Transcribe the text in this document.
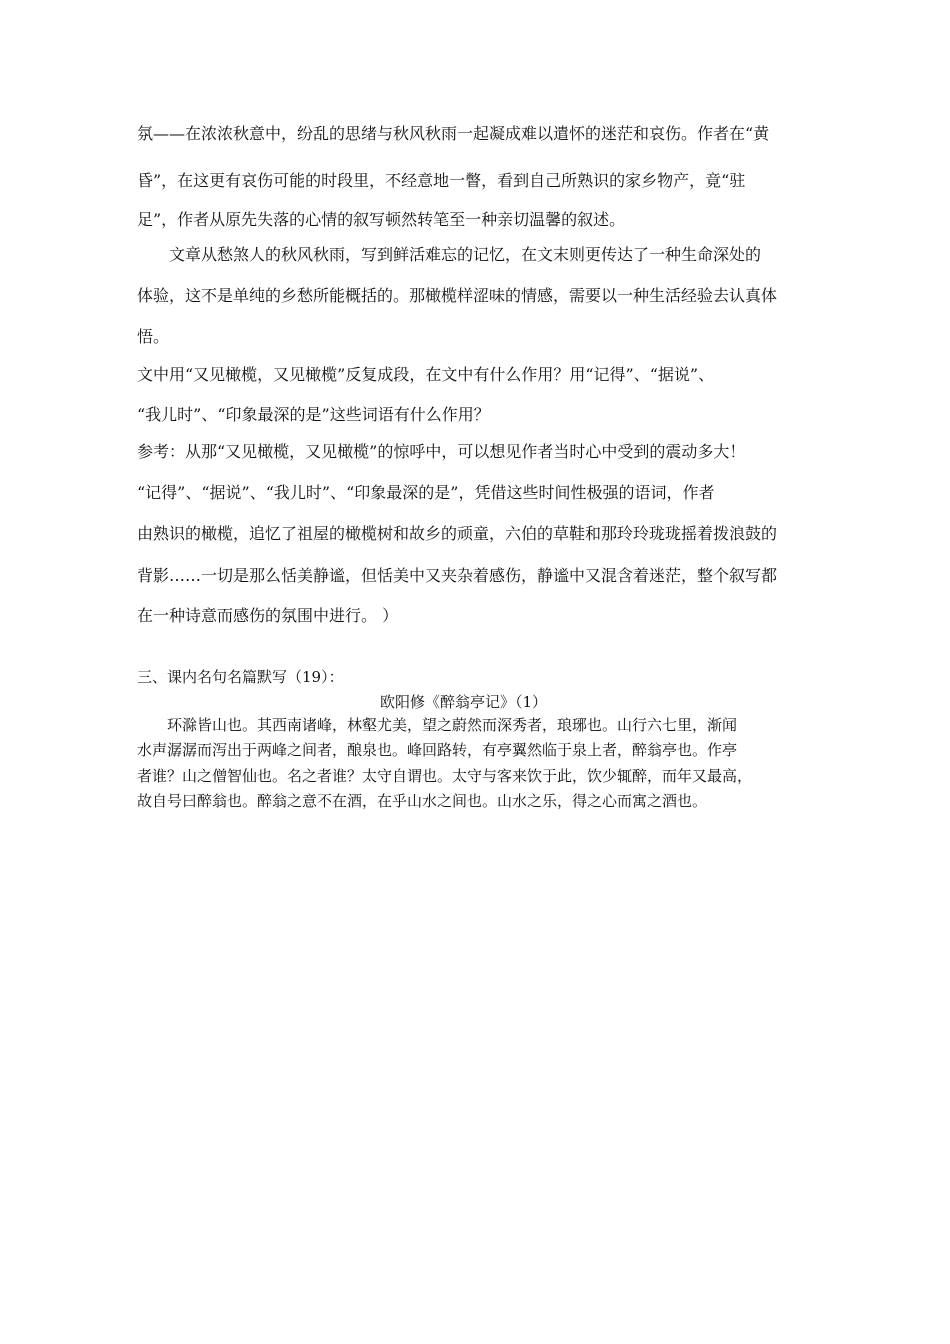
氛——在浓浓秋意中，纷乱的思绪与秋风秋雨一起凝成难以遣怀的迷茫和哀伤。作者在“黄
昏”，在这更有哀伤可能的时段里，不经意地一瞥，看到自己所熟识的家乡物产，竟“驻
足”，作者从原先失落的心情的叙写顿然转笔至一种亲切温馨的叙述。
　　文章从愁煞人的秋风秋雨，写到鲜活难忘的记忆，在文末则更传达了一种生命深处的
体验，这不是单纯的乡愁所能概括的。那橄榄样涩味的情感，需要以一种生活经验去认真体
悟。
文中用“又见橄榄，又见橄榄”反复成段，在文中有什么作用？用“记得”、“据说”、
“我儿时”、“印象最深的是”这些词语有什么作用？
参考：从那“又见橄榄，又见橄榄”的惊呼中，可以想见作者当时心中受到的震动多大！
“记得”、“据说”、“我儿时”、“印象最深的是”，凭借这些时间性极强的语词，作者
由熟识的橄榄，追忆了祖屋的橄榄树和故乡的顽童，六伯的草鞋和那玲玲珑珑摇着拨浪鼓的
背影……一切是那么恬美静谧，但恬美中又夹杂着感伤，静谧中又混含着迷茫，整个叙写都
在一种诗意而感伤的氛围中进行。 ）
三、课内名句名篇默写（19）：
欧阳修《醉翁亭记》（1）
　　环滁皆山也。其西南诸峰，林壑尤美，望之蔚然而深秀者，琅琊也。山行六七里，渐闻
水声潺潺而泻出于两峰之间者，酿泉也。峰回路转，有亭翼然临于泉上者，醉翁亭也。作亭
者谁？山之僧智仙也。名之者谁？太守自谓也。太守与客来饮于此，饮少辄醉，而年又最高，
故自号曰醉翁也。醉翁之意不在酒，在乎山水之间也。山水之乐，得之心而寓之酒也。
